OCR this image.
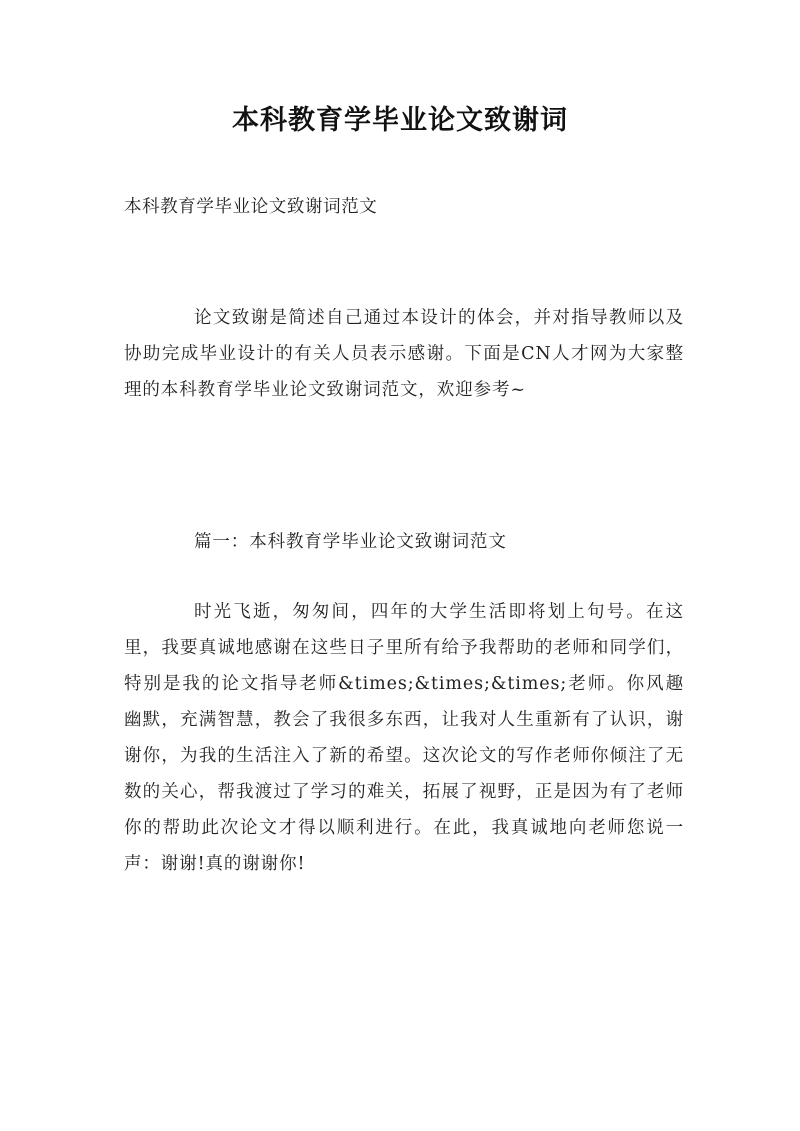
本科教育学毕业论文致谢词

本科教育学毕业论文致谢词范文

论文致谢是简述自己通过本设计的体会，并对指导教师以及协助完成毕业设计的有关人员表示感谢。下面是CN人才网为大家整理的本科教育学毕业论文致谢词范文，欢迎参考~

篇一：本科教育学毕业论文致谢词范文

时光飞逝，匆匆间，四年的大学生活即将划上句号。在这里，我要真诚地感谢在这些日子里所有给予我帮助的老师和同学们，特别是我的论文指导老师&times;&times;&times;老师。你风趣幽默，充满智慧，教会了我很多东西，让我对人生重新有了认识，谢谢你，为我的生活注入了新的希望。这次论文的写作老师你倾注了无数的关心，帮我渡过了学习的难关，拓展了视野，正是因为有了老师你的帮助此次论文才得以顺利进行。在此，我真诚地向老师您说一声：谢谢!真的谢谢你!
